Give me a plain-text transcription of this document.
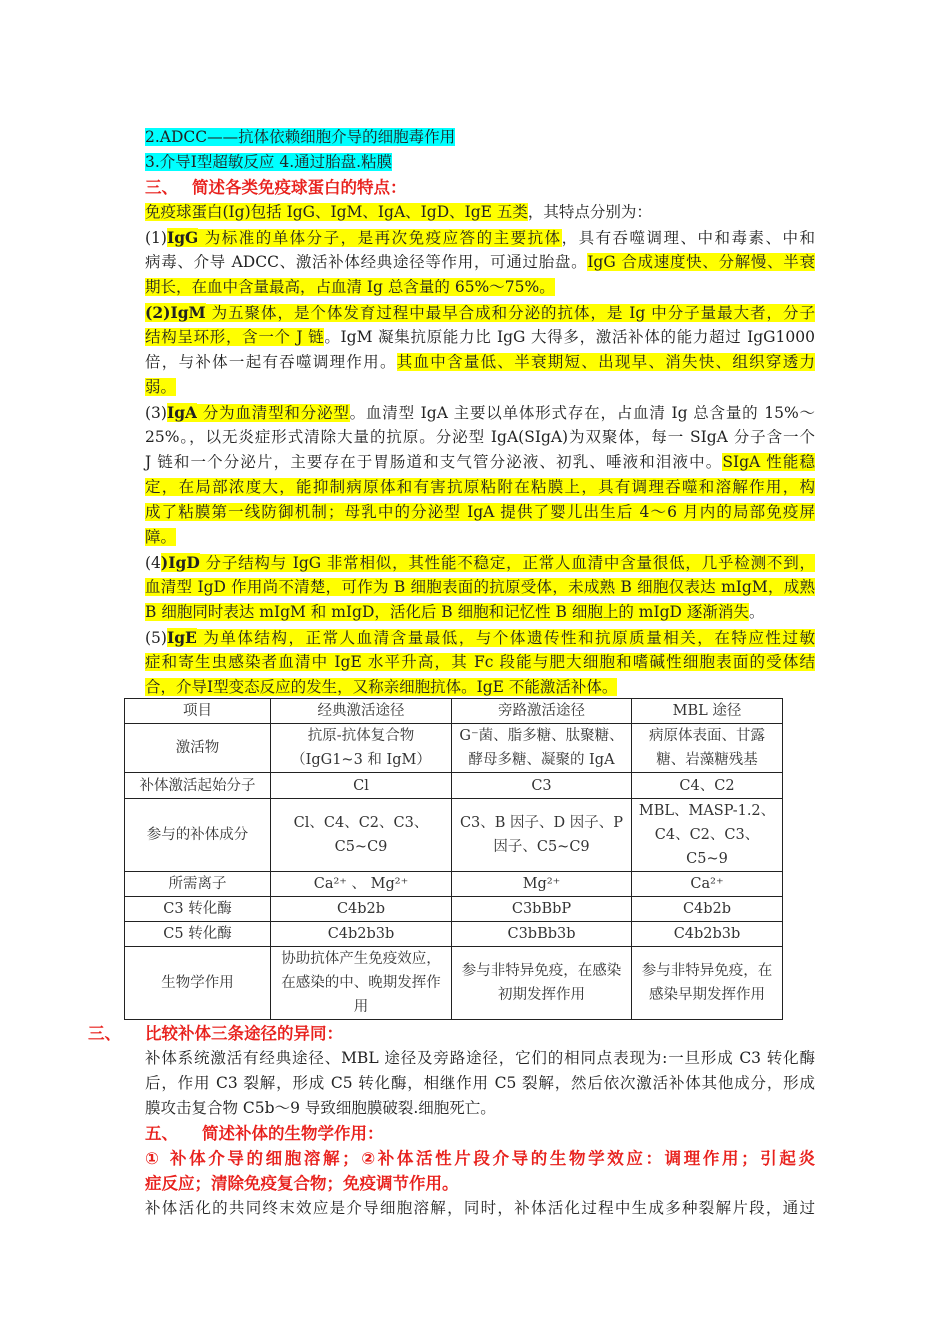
2.ADCC——抗体依赖细胞介导的细胞毒作用
3.介导Ⅰ型超敏反应 4.通过胎盘.粘膜
三、　 简述各类免疫球蛋白的特点：
免疫球蛋白(Ig)包括 IgG、IgM、IgA、IgD、IgE 五类，其特点分别为：
(1)IgG 为标准的单体分子，是再次免疫应答的主要抗体，具有吞噬调理、中和毒素、中和
病毒、介导 ADCC、激活补体经典途径等作用，可通过胎盘。IgG 合成速度快、分解慢、半衰
期长，在血中含量最高，占血清 Ig 总含量的 65%～75%。
(2)IgM 为五聚体，是个体发育过程中最早合成和分泌的抗体，是 Ig 中分子量最大者，分子
结构呈环形，含一个 J 链。IgM 凝集抗原能力比 IgG 大得多，激活补体的能力超过 IgG1000
倍，与补体一起有吞噬调理作用。其血中含量低、半衰期短、出现早、消失快、组织穿透力
弱。
(3)IgA 分为血清型和分泌型。血清型 IgA 主要以单体形式存在，占血清 Ig 总含量的 15%～
25%。，以无炎症形式清除大量的抗原。分泌型 IgA(SIgA)为双聚体，每一 SIgA 分子含一个
J 链和一个分泌片，主要存在于胃肠道和支气管分泌液、初乳、唾液和泪液中。SIgA 性能稳
定，在局部浓度大，能抑制病原体和有害抗原粘附在粘膜上，具有调理吞噬和溶解作用，构
成了粘膜第一线防御机制；母乳中的分泌型 IgA 提供了婴儿出生后 4～6 月内的局部免疫屏
障。
(4)IgD 分子结构与 IgG 非常相似，其性能不稳定，正常人血清中含量很低，几乎检测不到，
血清型 IgD 作用尚不清楚，可作为 B 细胞表面的抗原受体，未成熟 B 细胞仅表达 mIgM，成熟
B 细胞同时表达 mIgM 和 mIgD，活化后 B 细胞和记忆性 B 细胞上的 mIgD 逐渐消失。
(5)IgE 为单体结构，正常人血清含量最低，与个体遗传性和抗原质量相关，在特应性过敏
症和寄生虫感染者血清中 IgE 水平升高，其 Fc 段能与肥大细胞和嗜碱性细胞表面的受体结
合，介导Ⅰ型变态反应的发生，又称亲细胞抗体。IgE 不能激活补体。
项目	经典激活途径	旁路激活途径	MBL 途径
激活物	抗原-抗体复合物（IgG1~3 和 IgM）	G⁻菌、脂多糖、肽聚糖、酵母多糖、凝聚的 IgA	病原体表面、甘露糖、岩藻糖残基
补体激活起始分子	Cl	C3	C4、C2
参与的补体成分	Cl、C4、C2、C3、C5~C9	C3、B 因子、D 因子、P 因子、C5~C9	MBL、MASP-1.2、C4、C2、C3、C5~9
所需离子	Ca²⁺ 、 Mg²⁺	Mg²⁺	Ca²⁺
C3 转化酶	C4b2b	C3bBbP	C4b2b
C5 转化酶	C4b2b3b	C3bBb3b	C4b2b3b
生物学作用	协助抗体产生免疫效应，在感染的中、晚期发挥作用	参与非特异免疫，在感染初期发挥作用	参与非特异免疫，在感染早期发挥作用
三、 比较补体三条途径的异同：
补体系统激活有经典途径、MBL 途径及旁路途径，它们的相同点表现为:一旦形成 C3 转化酶
后，作用 C3 裂解，形成 C5 转化酶，相继作用 C5 裂解，然后依次激活补体其他成分，形成
膜攻击复合物 C5b～9 导致细胞膜破裂.细胞死亡。
五、 简述补体的生物学作用：
① 补体介导的细胞溶解；②补体活性片段介导的生物学效应：调理作用；引起炎
症反应；清除免疫复合物；免疫调节作用。
补体活化的共同终末效应是介导细胞溶解，同时，补体活化过程中生成多种裂解片段，通过
